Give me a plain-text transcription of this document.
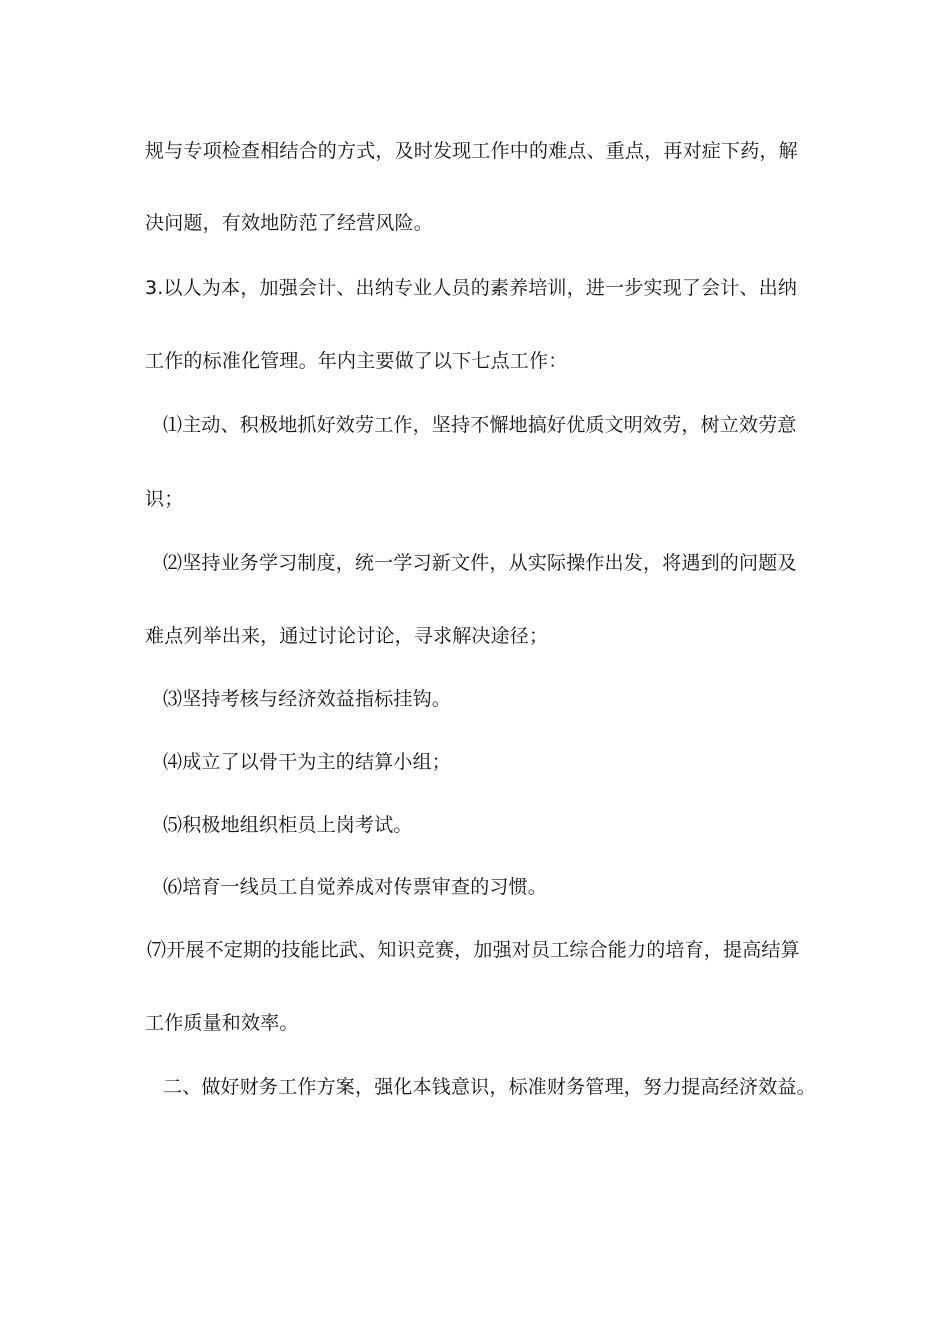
规与专项检查相结合的方式，及时发现工作中的难点、重点，再对症下药，解
决问题，有效地防范了经营风险。
3.以人为本，加强会计、出纳专业人员的素养培训，进一步实现了会计、出纳
工作的标准化管理。年内主要做了以下七点工作：
⑴主动、积极地抓好效劳工作，坚持不懈地搞好优质文明效劳，树立效劳意
识；
⑵坚持业务学习制度，统一学习新文件，从实际操作出发，将遇到的问题及
难点列举出来，通过讨论讨论，寻求解决途径；
⑶坚持考核与经济效益指标挂钩。
⑷成立了以骨干为主的结算小组；
⑸积极地组织柜员上岗考试。
⑹培育一线员工自觉养成对传票审查的习惯。
⑺开展不定期的技能比武、知识竞赛，加强对员工综合能力的培育，提高结算
工作质量和效率。
二、做好财务工作方案，强化本钱意识，标准财务管理，努力提高经济效益。
